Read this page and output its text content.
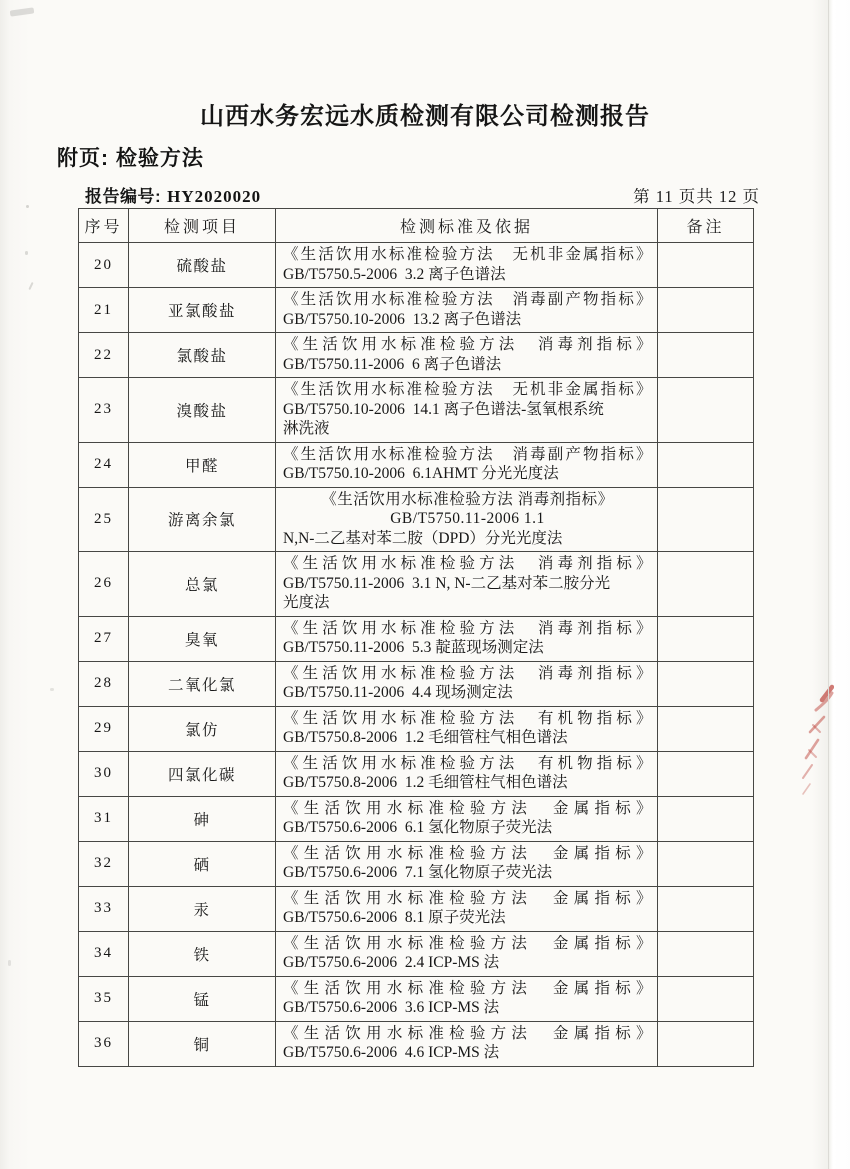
山西水务宏远水质检测有限公司检测报告
附页: 检验方法
报告编号: HY2020020	第 11 页共 12 页
序号	检测项目	检测标准及依据	备注
20	硫酸盐	《生活饮用水标准检验方法　无机非金属指标》
GB/T5750.5-2006  3.2 离子色谱法	

21	亚氯酸盐	《生活饮用水标准检验方法　消毒副产物指标》
GB/T5750.10-2006  13.2 离子色谱法	

22	氯酸盐	《生活饮用水标准检验方法　消毒剂指标》
GB/T5750.11-2006  6 离子色谱法	

23	溴酸盐	《生活饮用水标准检验方法　无机非金属指标》
GB/T5750.10-2006  14.1 离子色谱法-氢氧根系统
淋洗液	

24	甲醛	《生活饮用水标准检验方法　消毒副产物指标》
GB/T5750.10-2006  6.1AHMT 分光光度法	

25	游离余氯	《生活饮用水标准检验方法 消毒剂指标》
GB/T5750.11-2006 1.1
N,N-二乙基对苯二胺（DPD）分光光度法	

26	总氯	《生活饮用水标准检验方法　消毒剂指标》
GB/T5750.11-2006  3.1 N, N-二乙基对苯二胺分光
光度法	

27	臭氧	《生活饮用水标准检验方法　消毒剂指标》
GB/T5750.11-2006  5.3 靛蓝现场测定法	

28	二氧化氯	《生活饮用水标准检验方法　消毒剂指标》
GB/T5750.11-2006  4.4 现场测定法	

29	氯仿	《生活饮用水标准检验方法　有机物指标》
GB/T5750.8-2006  1.2 毛细管柱气相色谱法	

30	四氯化碳	《生活饮用水标准检验方法　有机物指标》
GB/T5750.8-2006  1.2 毛细管柱气相色谱法	

31	砷	《生活饮用水标准检验方法　金属指标》
GB/T5750.6-2006  6.1 氢化物原子荧光法	

32	硒	《生活饮用水标准检验方法　金属指标》
GB/T5750.6-2006  7.1 氢化物原子荧光法	

33	汞	《生活饮用水标准检验方法　金属指标》
GB/T5750.6-2006  8.1 原子荧光法	

34	铁	《生活饮用水标准检验方法　金属指标》
GB/T5750.6-2006  2.4 ICP-MS 法	

35	锰	《生活饮用水标准检验方法　金属指标》
GB/T5750.6-2006  3.6 ICP-MS 法	

36	铜	《生活饮用水标准检验方法　金属指标》
GB/T5750.6-2006  4.6 ICP-MS 法	
